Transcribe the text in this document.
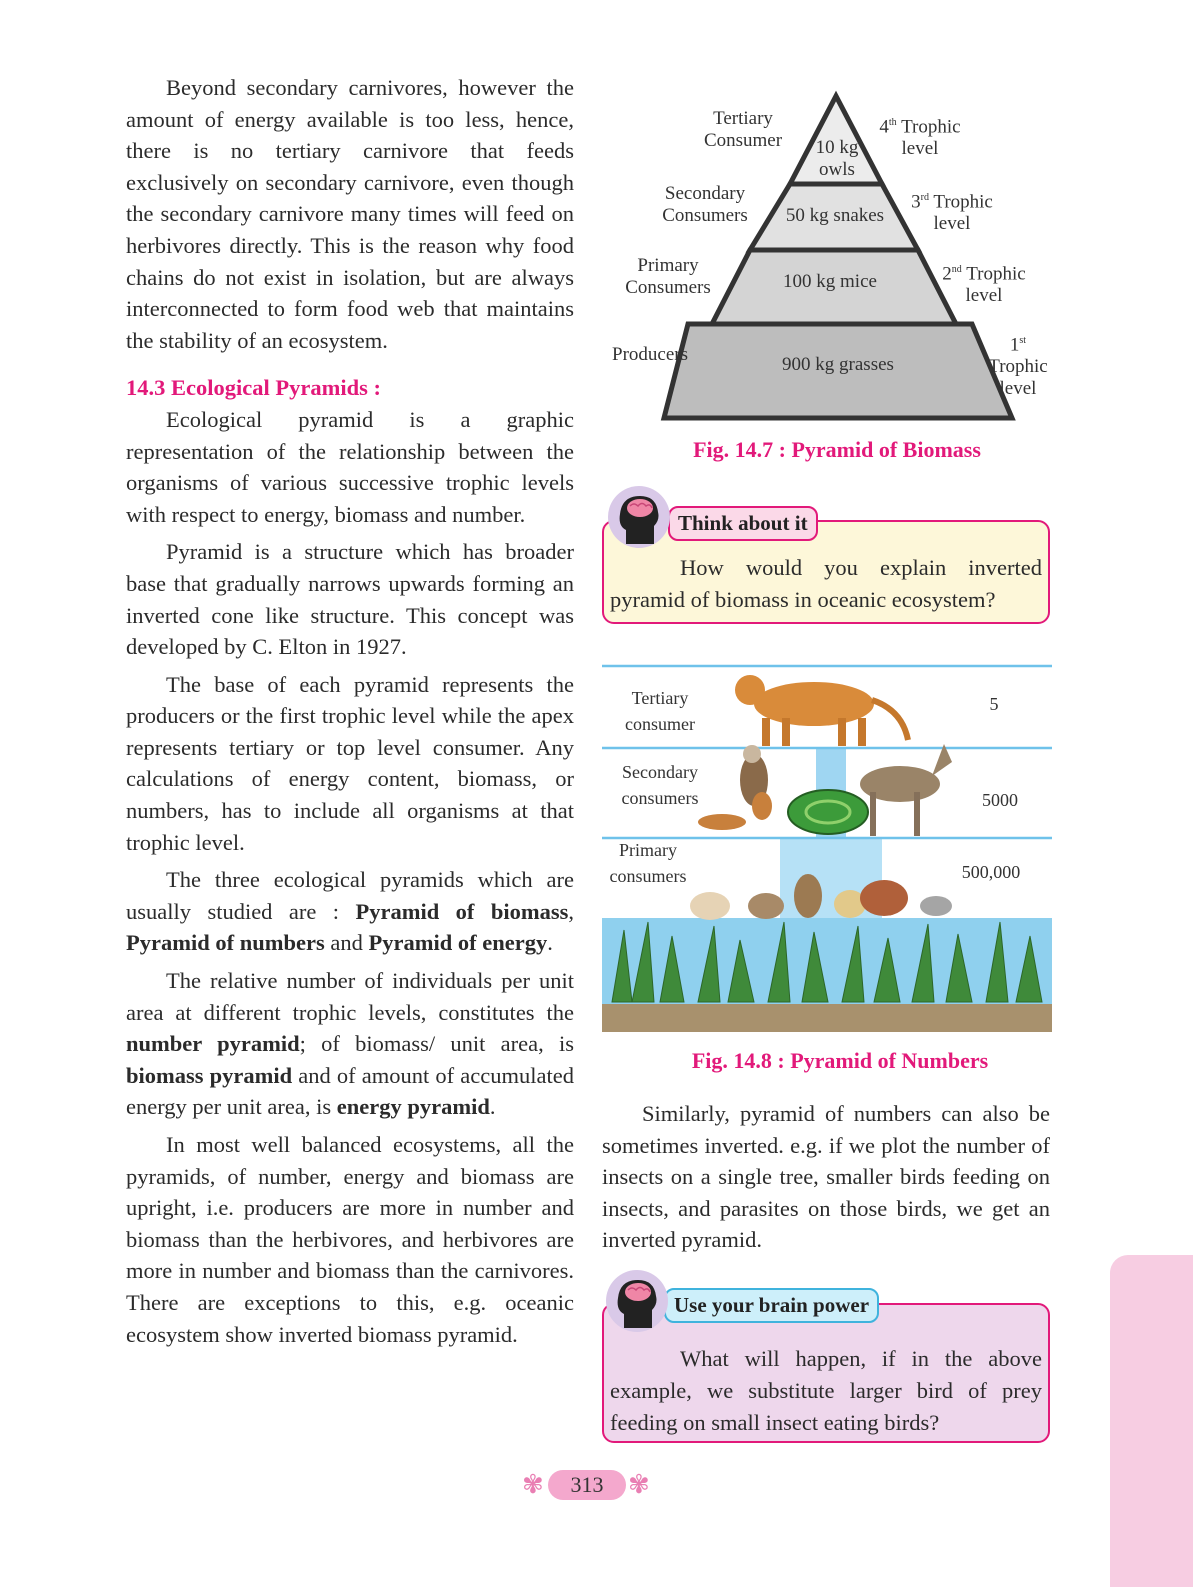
Beyond secondary carnivores, however the amount of energy available is too less, hence, there is no tertiary carnivore that feeds exclusively on secondary carnivore, even though the secondary carnivore many times will feed on herbivores directly. This is the reason why food chains do not exist in isolation, but are always interconnected to form food web that maintains the stability of an ecosystem.

14.3 Ecological Pyramids :

Ecological pyramid is a graphic representation of the relationship between the organisms of various successive trophic levels with respect to energy, biomass and number.

Pyramid is a structure which has broader base that gradually narrows upwards forming an inverted cone like structure. This concept was developed by C. Elton in 1927.

The base of each pyramid represents the producers or the first trophic level while the apex represents tertiary or top level consumer. Any calculations of energy content, biomass, or numbers, has to include all organisms at that trophic level.

The three ecological pyramids which are usually studied are : Pyramid of biomass, Pyramid of numbers and Pyramid of energy.

The relative number of individuals per unit area at different trophic levels, constitutes the number pyramid; of biomass/ unit area, is biomass pyramid and of amount of accumulated energy per unit area, is energy pyramid.

In most well balanced ecosystems, all the pyramids, of number, energy and biomass are upright, i.e. producers are more in number and biomass than the herbivores, and herbivores are more in number and biomass than the carnivores. There are exceptions to this, e.g. oceanic ecosystem show inverted biomass pyramid.

10 kg owls
50 kg snakes
100 kg mice
900 kg grasses
Tertiary Consumer
Secondary Consumers
Primary Consumers
Producers
4th Trophic level
3rd Trophic level
2nd Trophic level
1st Trophic level
Fig. 14.7 : Pyramid of Biomass
How would you explain inverted pyramid of biomass in oceanic ecosystem?
Think about it
Tertiary
consumer
Secondary
consumers
Primary
consumers
5
5000
500,000
Fig. 14.8 : Pyramid of Numbers

Similarly, pyramid of numbers can also be sometimes inverted. e.g. if we plot the number of insects on a single tree, smaller birds feeding on insects, and parasites on those birds, we get an inverted pyramid.

What will happen, if in the above example, we substitute larger bird of prey feeding on small insect eating birds?
Use your brain power
✾	313 ✾
